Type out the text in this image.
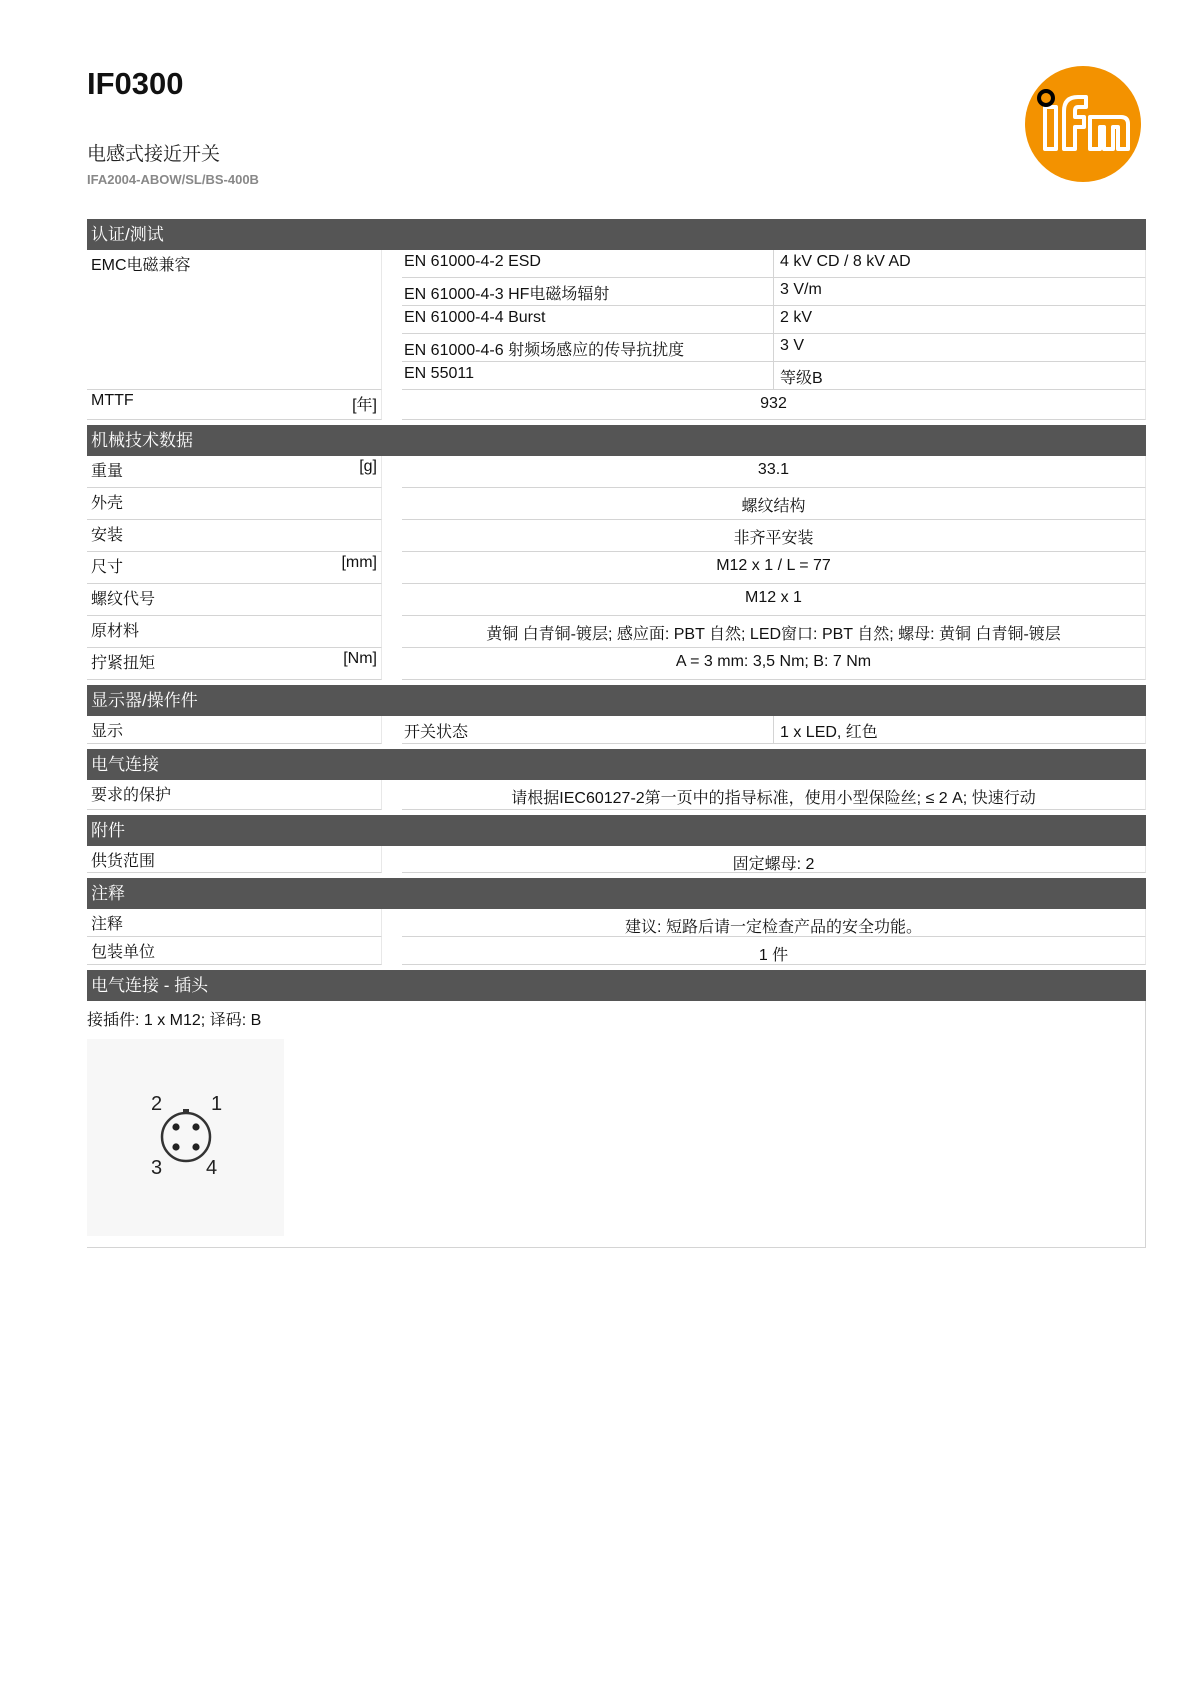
IF0300
电感式接近开关
IFA2004-ABOW/SL/BS-400B
认证/测试
EMC电磁兼容	EN 61000-4-2 ESD	4 kV CD / 8 kV AD
EN 61000-4-3 HF电磁场辐射	3 V/m
EN 61000-4-4 Burst	2 kV
EN 61000-4-6 射频场感应的传导抗扰度	3 V
EN 55011	等级B
MTTF	[年]	932
机械技术数据
重量	[g]	33.1
外壳	螺纹结构
安装	非齐平安装
尺寸	[mm]	M12 x 1 / L = 77
螺纹代号	M12 x 1
原材料	黄铜 白青铜-镀层; 感应面: PBT 自然; LED窗口: PBT 自然; 螺母: 黄铜 白青铜-镀层
拧紧扭矩	[Nm]	A = 3 mm: 3,5 Nm; B: 7 Nm
显示器/操作件
显示	开关状态	1 x LED, 红色
电气连接
要求的保护	请根据IEC60127-2第一页中的指导标准，使用小型保险丝; ≤ 2 A; 快速行动
附件
供货范围	固定螺母: 2
注释
注释	建议: 短路后请一定检查产品的安全功能。
包装单位	1 件
电气连接 - 插头
接插件: 1 x M12; 译码: B
1
2
3 4
